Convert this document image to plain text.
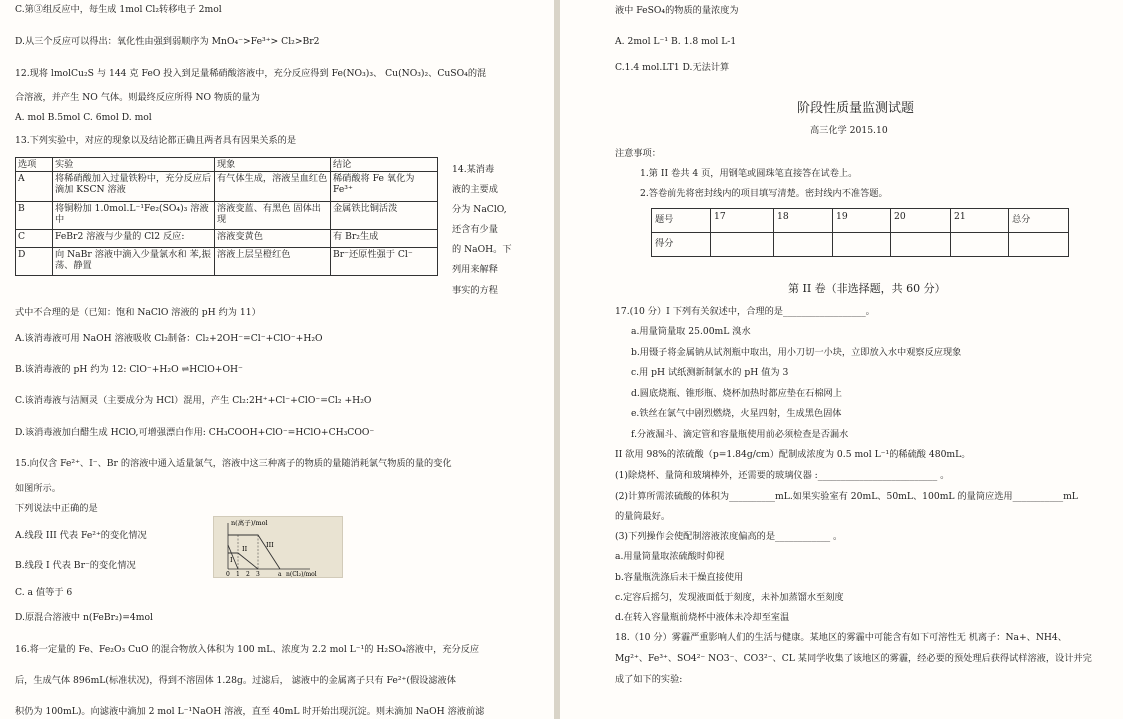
C.第③组反应中，每生成 1mol Cl₂转移电子 2mol
D.从三个反应可以得出：氧化性由强到弱顺序为 MnO₄⁻>Fe³⁺> Cl₂>Br2
12.现将 lmolCu₂S 与 144 克 FeO 投入到足量稀硝酸溶液中，充分反应得到 Fe(NO₃)₃、 Cu(NO₃)₂、CuSO₄的混
合溶液，并产生 NO 气体。则最终反应所得 NO 物质的量为
A. mol B.5mol C. 6mol D. mol
13.下列实验中，对应的现象以及结论都正确且两者具有因果关系的是
选项	实验	现象	结论
A	将稀硝酸加入过量铁粉中，充分反应后滴加 KSCN 溶液	有气体生成，溶液呈血红色	稀硝酸将 Fe 氧化为 Fe³⁺
B	将铜粉加 1.0mol.L⁻¹Fe₂(SO₄)₃ 溶液中	溶液变蓝、有黑色 固体出现	金属铁比铜活泼
C	FeBr2 溶液与少量的 Cl2 反应:	溶液变黄色	有 Br₂生成
D	向 NaBr 溶液中滴入少量氯水和 苯,振荡、静置	溶液上层呈橙红色	Br⁻还原性强于 Cl⁻
14.某消毒
液的主要成
分为 NaClO,
还含有少量
的 NaOH。下
列用来解释
事实的方程
式中不合理的是（已知：饱和 NaClO 溶液的 pH 约为 11）
A.该消毒液可用 NaOH 溶液吸收 Cl₂制备：Cl₂+2OH⁻=Cl⁻+ClO⁻+H₂O
B.该消毒液的 pH 约为 12: ClO⁻+H₂O ⇌HClO+OH⁻
C.该消毒液与洁厕灵（主要成分为 HCl）混用，产生 Cl₂:2H⁺+Cl⁻+ClO⁻=Cl₂ +H₂O
D.该消毒液加白醋生成 HClO,可增强漂白作用: CH₃COOH+ClO⁻=HClO+CH₃COO⁻
15.向仅含 Fe²⁺、I⁻、Br 的溶液中通入适量氯气，溶液中这三种离子的物质的量随消耗氯气物质的量的变化
如图所示。
下列说法中正确的是
A.线段 III 代表 Fe²⁺的变化情况
B.线段 I 代表 Br⁻的变化情况
C. a 值等于 6
D.原混合溶液中 n(FeBr₂)=4mol
n(离子)/mol
n(Cl₂)/mol
I
II	III
0 1 2 3	a
16.将一定量的 Fe、Fe₂O₃ CuO 的混合物放入体积为 100 mL、浓度为 2.2 mol L⁻¹的 H₂SO₄溶液中，充分反应
后，生成气体 896mL(标准状况)，得到不溶固体 1.28g。过滤后， 滤液中的金属离子只有 Fe²⁺(假设滤液体
积仍为 100mL)。向滤液中滴加 2 mol L⁻¹NaOH 溶液，直至 40mL 时开始出现沉淀。则未滴加 NaOH 溶液前滤
液中 FeSO₄的物质的量浓度为
A. 2mol L⁻¹ B. 1.8 mol L-1
C.1.4 mol.LT1 D.无法计算
阶段性质量监测试题
高三化学 2015.10
注意事项：
1.第 II 卷共 4 页，用钢笔或圆珠笔直接答在试卷上。
2.答卷前先将密封线内的项目填写清楚。密封线内不准答题。
题号	17	18	19	20	21	总分
得分						
第 II 卷（非选择题，共 60 分）
17.(10 分）I 下列有关叙述中，合理的是__________________。
a.用量筒量取 25.00mL 溴水
b.用镊子将金属钠从试剂瓶中取出，用小刀切一小块，立即放入水中观察反应现象
c.用 pH 试纸测新制氯水的 pH 值为 3
d.圆底烧瓶、锥形瓶、烧杯加热时都应垫在石棉网上
e.铁丝在氯气中剧烈燃烧，火星四射，生成黑色固体
f.分液漏斗、滴定管和容量瓶使用前必须检查是否漏水
II 欲用 98%的浓硫酸（p=1.84g/cm）配制成浓度为 0.5 mol L⁻¹的稀硫酸 480mL。
(1)除烧杯、量筒和玻璃棒外，还需要的玻璃仪器 :__________________________ 。
(2)计算所需浓硫酸的体积为__________mL.如果实验室有 20mL、50mL、100mL 的量筒应选用___________mL
的量筒最好。
(3)下列操作会使配制溶液浓度偏高的是____________ 。
a.用量筒量取浓硫酸时仰视
b.容量瓶洗涤后未干燥直接使用
c.定容后摇匀，发现液面低于刻度，未补加蒸馏水至刻度
d.在转入容量瓶前烧杯中液体未冷却至室温
18.（10 分）雾霾严重影响人们的生活与健康。某地区的雾霾中可能含有如下可溶性无 机离子：Na+、NH4、
Mg²⁺、Fe³⁺、SO4²⁻ NO3⁻、CO3²⁻、CL 某同学收集了该地区的雾霾，经必要的预处理后获得试样溶液，设计并完
成了如下的实验:
